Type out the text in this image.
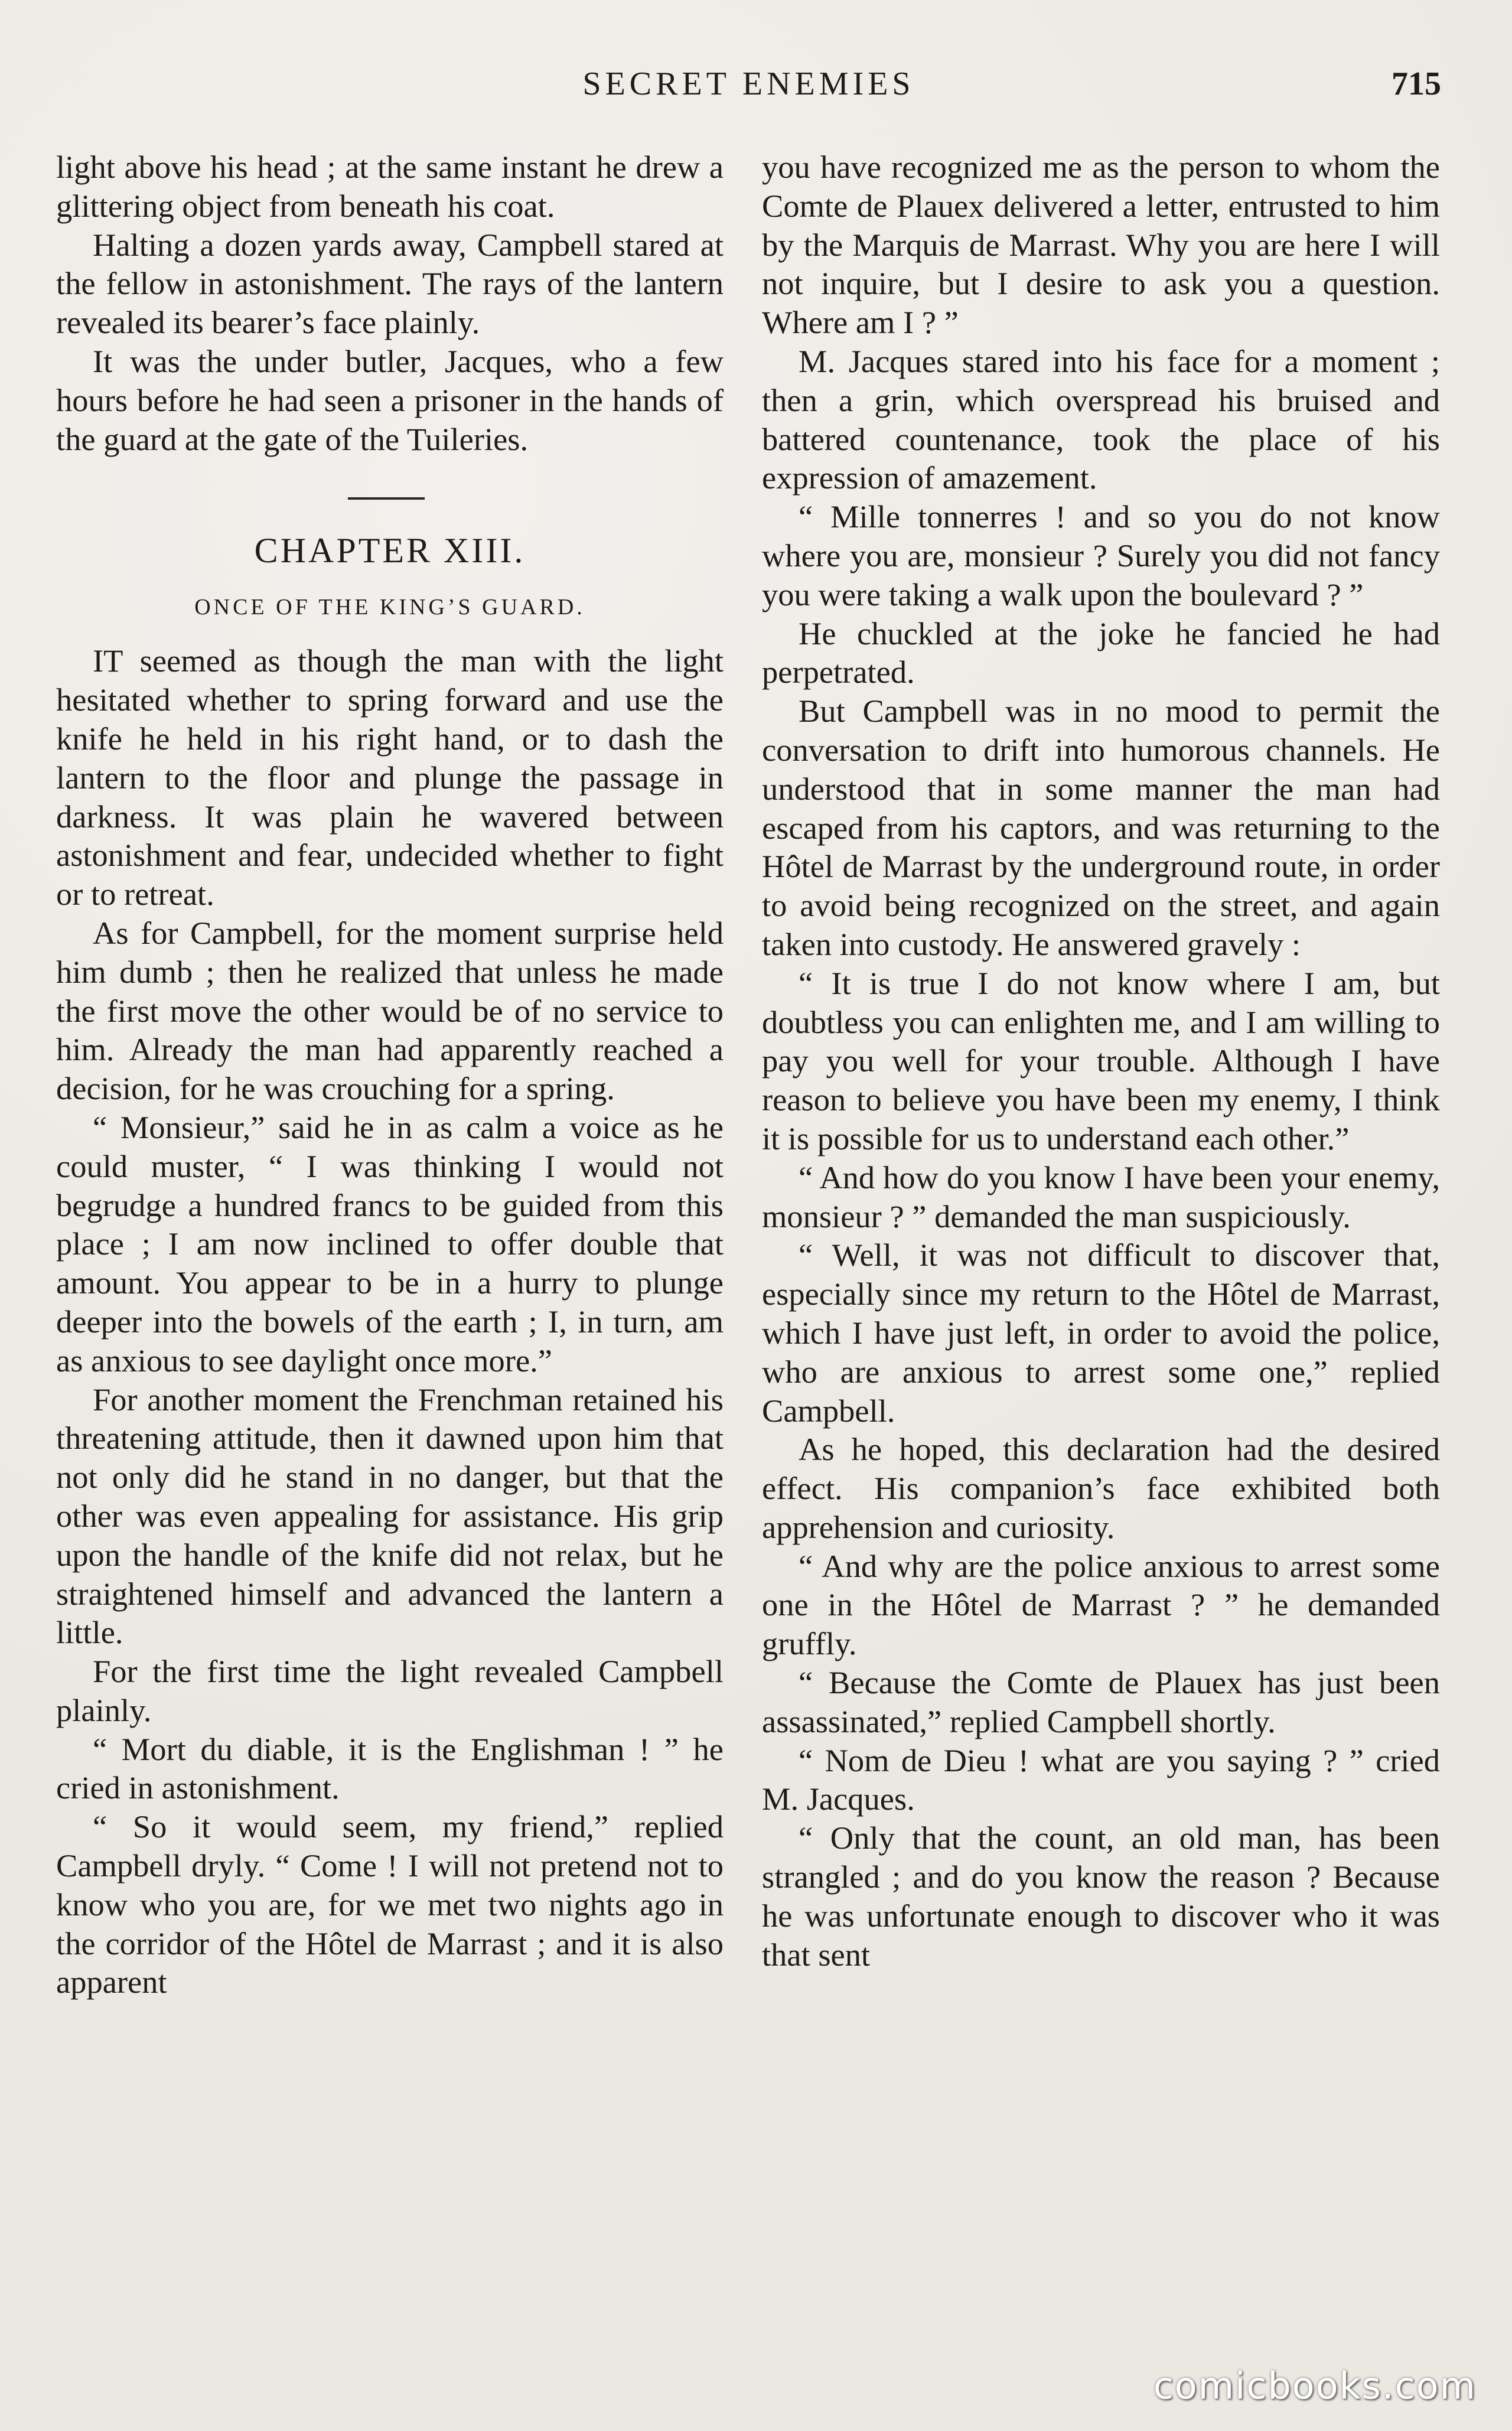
SECRET ENEMIES	715

light above his head ; at the same instant he drew a glittering object from beneath his coat.

Halting a dozen yards away, Campbell stared at the fellow in astonishment. The rays of the lantern revealed its bearer’s face plainly.

It was the under butler, Jacques, who a few hours before he had seen a prisoner in the hands of the guard at the gate of the Tuileries.

CHAPTER XIII.
ONCE OF THE KING’S GUARD.

IT seemed as though the man with the light hesitated whether to spring forward and use the knife he held in his right hand, or to dash the lantern to the floor and plunge the passage in darkness. It was plain he wavered between astonishment and fear, undecided whether to fight or to retreat.

As for Campbell, for the moment surprise held him dumb ; then he realized that unless he made the first move the other would be of no service to him. Already the man had apparently reached a decision, for he was crouching for a spring.

“ Monsieur,” said he in as calm a voice as he could muster, “ I was thinking I would not begrudge a hundred francs to be guided from this place ; I am now inclined to offer double that amount. You appear to be in a hurry to plunge deeper into the bowels of the earth ; I, in turn, am as anxious to see daylight once more.”

For another moment the Frenchman retained his threatening attitude, then it dawned upon him that not only did he stand in no danger, but that the other was even appealing for assistance. His grip upon the handle of the knife did not relax, but he straightened himself and advanced the lantern a little.

For the first time the light revealed Campbell plainly.

“ Mort du diable, it is the Englishman ! ” he cried in astonishment.

“ So it would seem, my friend,” replied Campbell dryly. “ Come ! I will not pretend not to know who you are, for we met two nights ago in the corridor of the Hôtel de Marrast ; and it is also apparent

you have recognized me as the person to whom the Comte de Plauex delivered a letter, entrusted to him by the Marquis de Marrast. Why you are here I will not inquire, but I desire to ask you a question. Where am I ? ”

M. Jacques stared into his face for a moment ; then a grin, which overspread his bruised and battered countenance, took the place of his expression of amazement.

“ Mille tonnerres ! and so you do not know where you are, monsieur ? Surely you did not fancy you were taking a walk upon the boulevard ? ”

He chuckled at the joke he fancied he had perpetrated.

But Campbell was in no mood to permit the conversation to drift into humorous channels. He understood that in some manner the man had escaped from his captors, and was returning to the Hôtel de Marrast by the underground route, in order to avoid being recognized on the street, and again taken into custody. He answered gravely :

“ It is true I do not know where I am, but doubtless you can enlighten me, and I am willing to pay you well for your trouble. Although I have reason to believe you have been my enemy, I think it is possible for us to understand each other.”

“ And how do you know I have been your enemy, monsieur ? ” demanded the man suspiciously.

“ Well, it was not difficult to discover that, especially since my return to the Hôtel de Marrast, which I have just left, in order to avoid the police, who are anxious to arrest some one,” replied Campbell.

As he hoped, this declaration had the desired effect. His companion’s face exhibited both apprehension and curiosity.

“ And why are the police anxious to arrest some one in the Hôtel de Marrast ? ” he demanded gruffly.

“ Because the Comte de Plauex has just been assassinated,” replied Campbell shortly.

“ Nom de Dieu ! what are you saying ? ” cried M. Jacques.

“ Only that the count, an old man, has been strangled ; and do you know the reason ? Because he was unfortunate enough to discover who it was that sent

comicbooks.com
